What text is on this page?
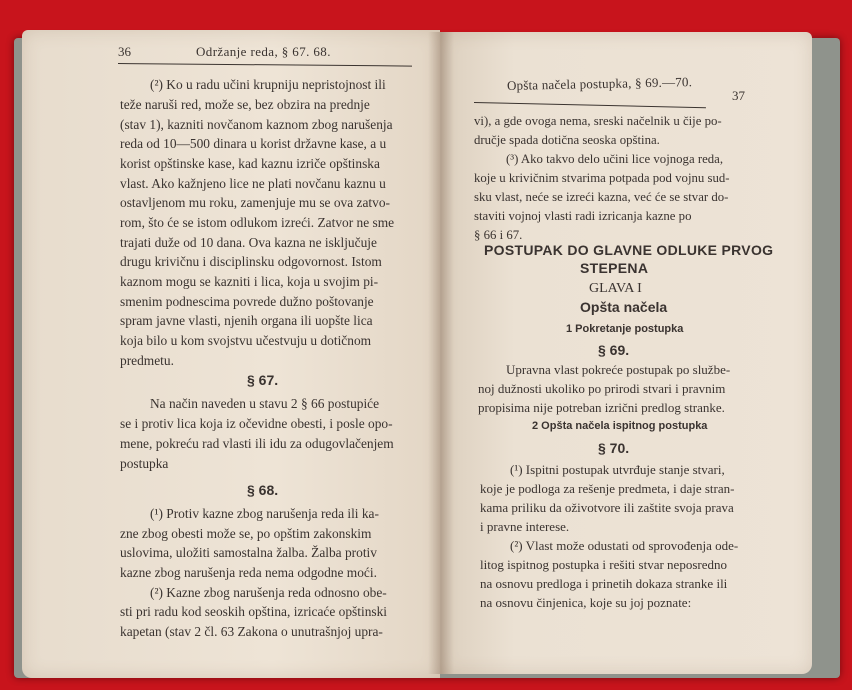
36	Održanje reda, § 67. 68.
(²) Ko u radu učini krupniju nepristojnost ili
teže naruši red, može se, bez obzira na prednje
(stav 1), kazniti novčanom kaznom zbog narušenja
reda od 10—500 dinara u korist državne kase, a u
korist opštinske kase, kad kaznu izriče opštinska
vlast. Ako kažnjeno lice ne plati novčanu kaznu u
ostavljenom mu roku, zamenjuje mu se ova zatvo-
rom, što će se istom odlukom izreći. Zatvor ne sme
trajati duže od 10 dana. Ova kazna ne isključuje
drugu krivičnu i disciplinsku odgovornost. Istom
kaznom mogu se kazniti i lica, koja u svojim pi-
smenim podnescima povrede dužno poštovanje
spram javne vlasti, njenih organa ili uopšte lica
koja bilo u kom svojstvu učestvuju u dotičnom
predmetu.
§ 67.
Na način naveden u stavu 2 § 66 postupiće
se i protiv lica koja iz očevidne obesti, i posle opo-
mene, pokreću rad vlasti ili idu za odugovlačenjem
postupka
§ 68.
(¹) Protiv kazne zbog narušenja reda ili ka-
zne zbog obesti može se, po opštim zakonskim
uslovima, uložiti samostalna žalba. Žalba protiv
kazne zbog narušenja reda nema odgodne moći.
(²) Kazne zbog narušenja reda odnosno obe-
sti pri radu kod seoskih opština, izricaće opštinski
kapetan (stav 2 čl. 63 Zakona o unutrašnjoj upra-
Opšta načela postupka, § 69.—70.
37
vi), a gde ovoga nema, sreski načelnik u čije po-
dručje spada dotična seoska opština.
(³) Ako takvo delo učini lice vojnoga reda,
koje u krivičnim stvarima potpada pod vojnu sud-
sku vlast, neće se izreći kazna, već će se stvar do-
staviti vojnoj vlasti radi izricanja kazne po
§ 66 i 67.
POSTUPAK DO GLAVNE ODLUKE PRVOG
STEPENA
GLAVA I
Opšta načela
1 Pokretanje postupka
§ 69.
Upravna vlast pokreće postupak po službe-
noj dužnosti ukoliko po prirodi stvari i pravnim
propisima nije potreban izrični predlog stranke.
2 Opšta načela ispitnog postupka
§ 70.
(¹) Ispitni postupak utvrđuje stanje stvari,
koje je podloga za rešenje predmeta, i daje stran-
kama priliku da oživotvore ili zaštite svoja prava
i pravne interese.
(²) Vlast može odustati od sprovođenja ode-
litog ispitnog postupka i rešiti stvar neposredno
na osnovu predloga i prinetih dokaza stranke ili
na osnovu činjenica, koje su joj poznate:
